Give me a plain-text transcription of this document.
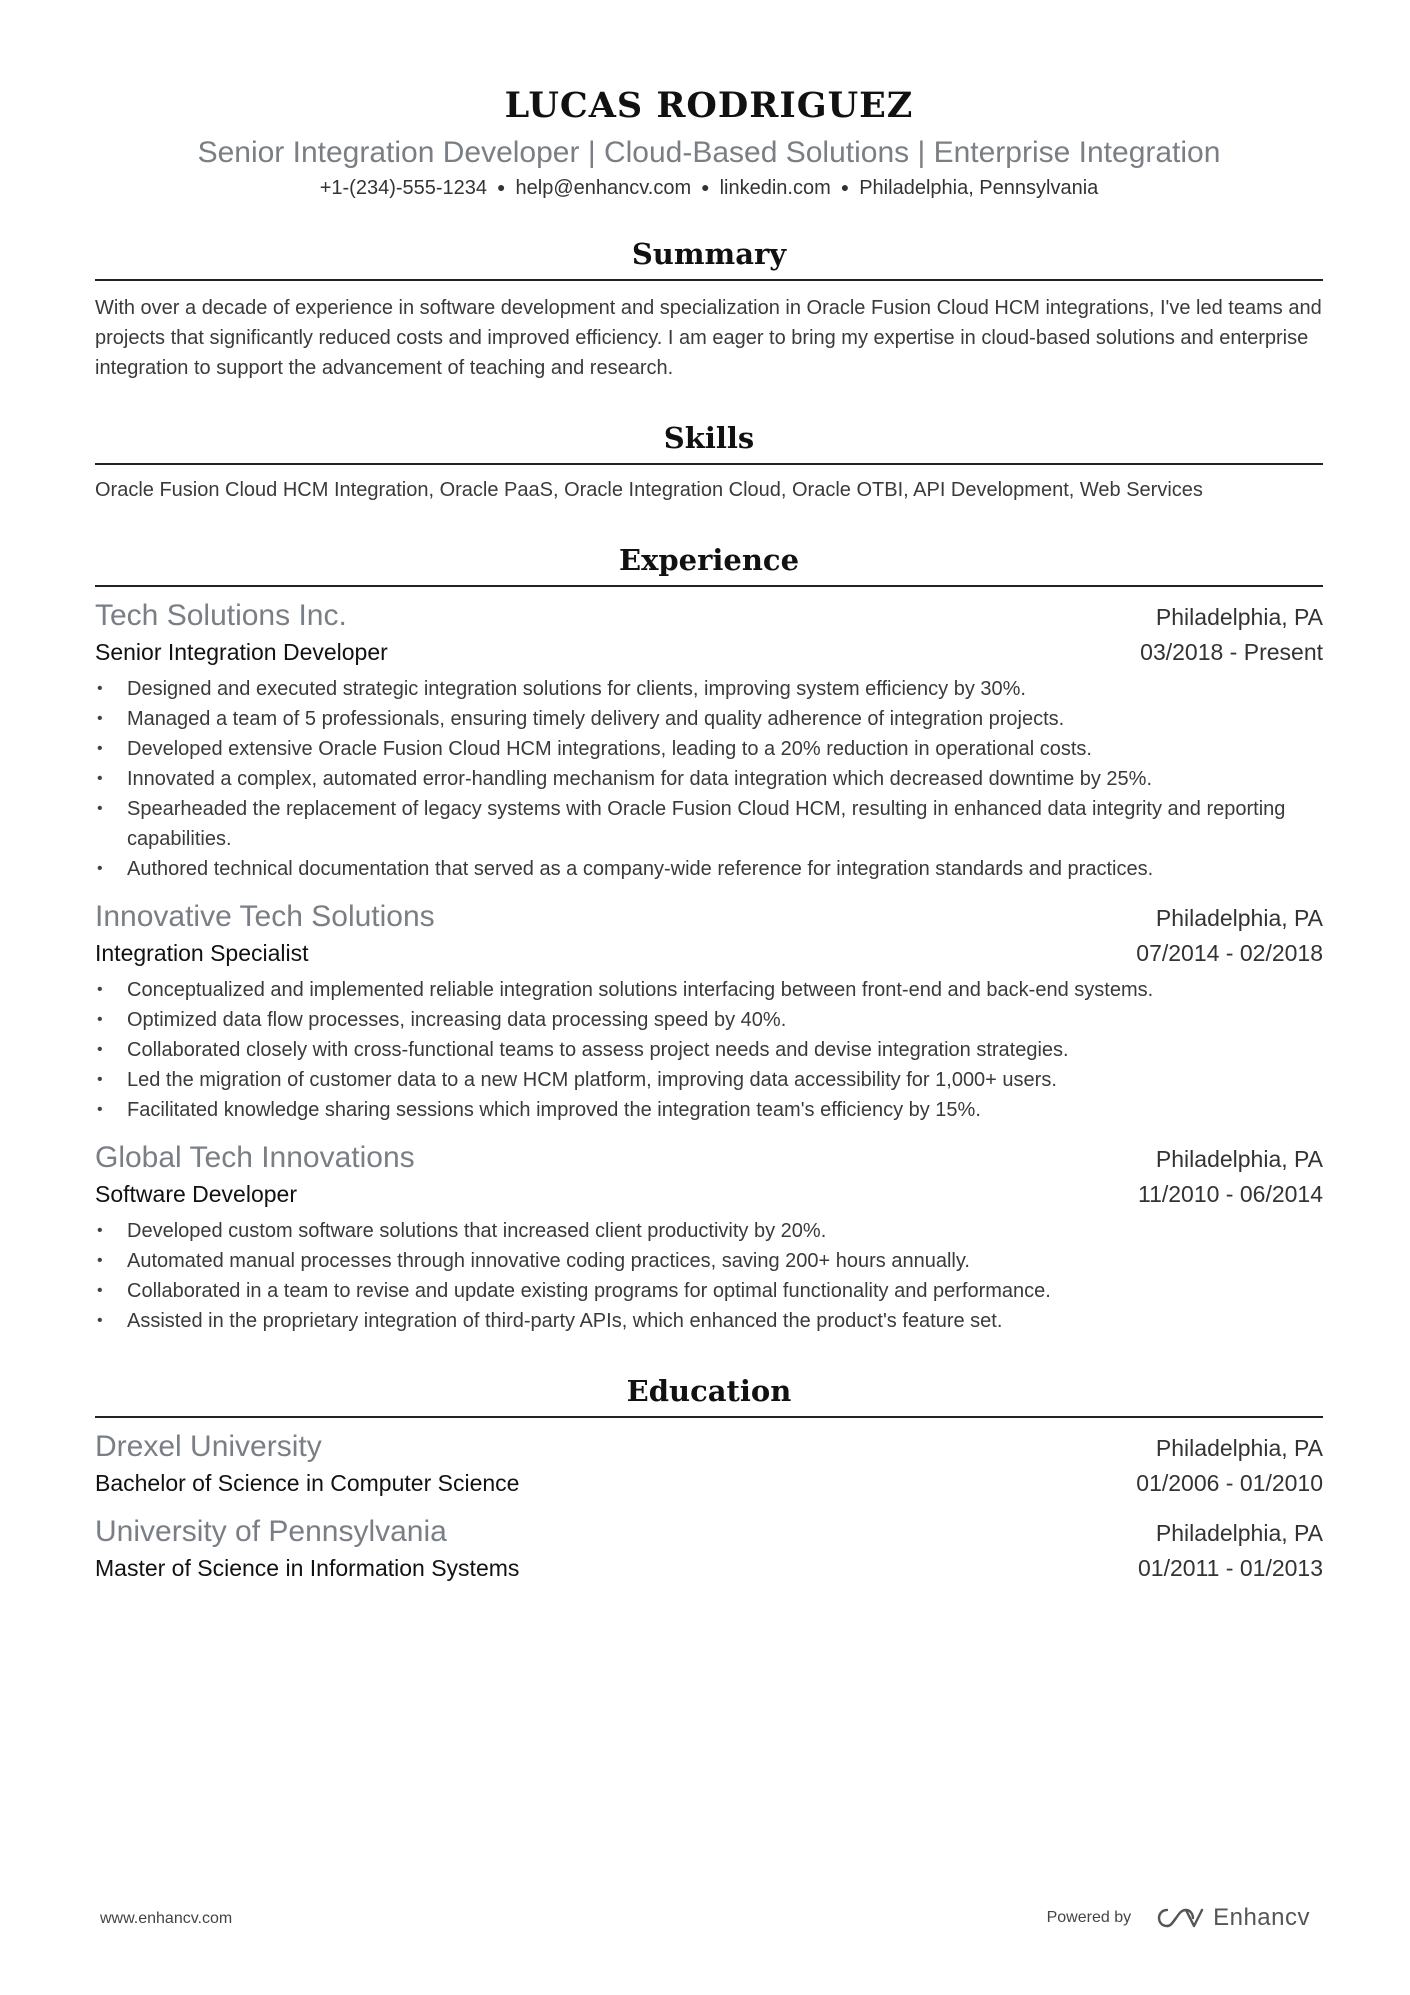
LUCAS RODRIGUEZ
Senior Integration Developer | Cloud-Based Solutions | Enterprise Integration
+1-(234)-555-1234 ● help@enhancv.com ● linkedin.com ● Philadelphia, Pennsylvania
Summary
With over a decade of experience in software development and specialization in Oracle Fusion Cloud HCM integrations, I've led teams and projects that significantly reduced costs and improved efficiency. I am eager to bring my expertise in cloud-based solutions and enterprise integration to support the advancement of teaching and research.
Skills
Oracle Fusion Cloud HCM Integration, Oracle PaaS, Oracle Integration Cloud, Oracle OTBI, API Development, Web Services
Experience
Tech Solutions Inc.	Philadelphia, PA
Senior Integration Developer	03/2018 - Present
• Designed and executed strategic integration solutions for clients, improving system efficiency by 30%.
• Managed a team of 5 professionals, ensuring timely delivery and quality adherence of integration projects.
• Developed extensive Oracle Fusion Cloud HCM integrations, leading to a 20% reduction in operational costs.
• Innovated a complex, automated error-handling mechanism for data integration which decreased downtime by 25%.
• Spearheaded the replacement of legacy systems with Oracle Fusion Cloud HCM, resulting in enhanced data integrity and reporting capabilities.
• Authored technical documentation that served as a company-wide reference for integration standards and practices.
Innovative Tech Solutions	Philadelphia, PA
Integration Specialist	07/2014 - 02/2018
• Conceptualized and implemented reliable integration solutions interfacing between front-end and back-end systems.
• Optimized data flow processes, increasing data processing speed by 40%.
• Collaborated closely with cross-functional teams to assess project needs and devise integration strategies.
• Led the migration of customer data to a new HCM platform, improving data accessibility for 1,000+ users.
• Facilitated knowledge sharing sessions which improved the integration team's efficiency by 15%.
Global Tech Innovations	Philadelphia, PA
Software Developer	11/2010 - 06/2014
• Developed custom software solutions that increased client productivity by 20%.
• Automated manual processes through innovative coding practices, saving 200+ hours annually.
• Collaborated in a team to revise and update existing programs for optimal functionality and performance.
• Assisted in the proprietary integration of third-party APIs, which enhanced the product's feature set.
Education
Drexel University	Philadelphia, PA
Bachelor of Science in Computer Science	01/2006 - 01/2010
University of Pennsylvania	Philadelphia, PA
Master of Science in Information Systems	01/2011 - 01/2013
www.enhancv.com	Powered by	Enhancv
